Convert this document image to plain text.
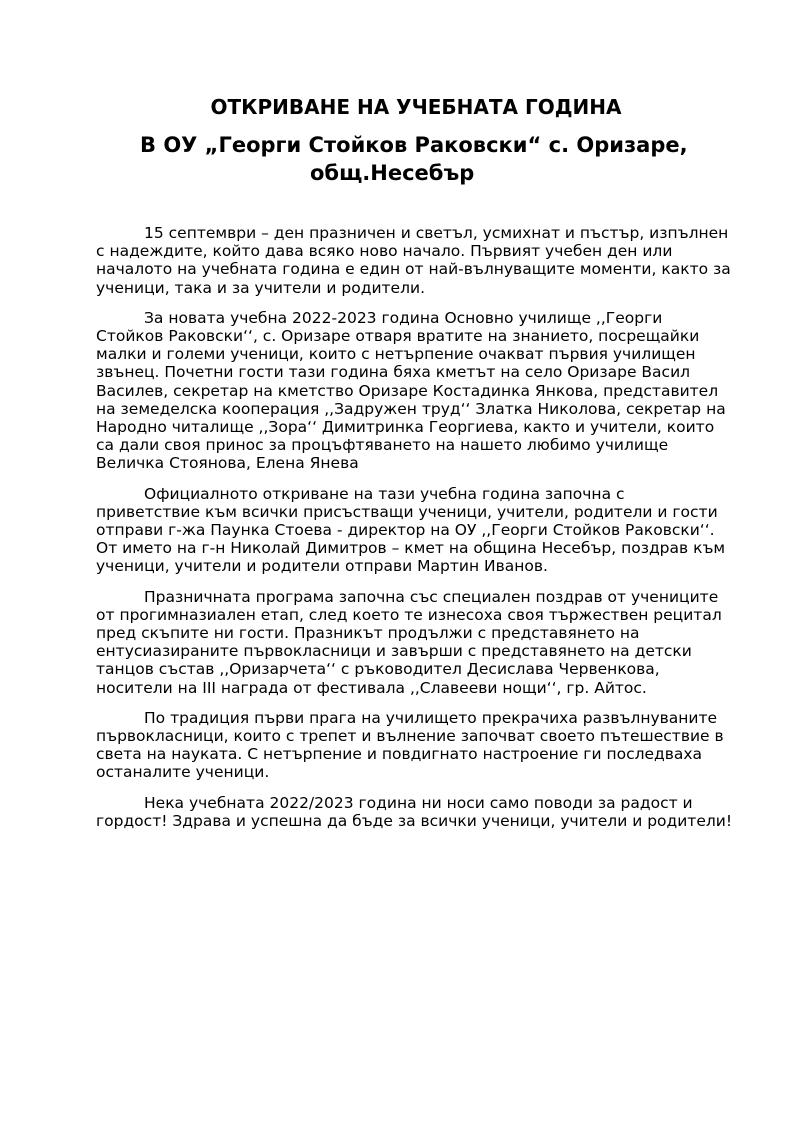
ОТКРИВАНЕ НА УЧЕБНАТА ГОДИНА
В ОУ „Георги Стойков Раковски“ с. Оризаре,
общ.Несебър

15 септември – ден празничен и светъл, усмихнат и пъстър, изпълнен
с надеждите, който дава всяко ново начало. Първият учебен ден или
началото на учебната година е един от най-вълнуващите моменти, както за
ученици, така и за учители и родители.

За новата учебна 2022-2023 година Основно училище ,,Георги
Стойков Раковски‘‘, с. Оризаре отваря вратите на знанието, посрещайки
малки и големи ученици, които с нетърпение очакват първия училищен
звънец. Почетни гости тази година бяха кметът на село Оризаре Васил
Василев, секретар на кметство Оризаре Костадинка Янкова, представител
на земеделска кооперация ,,Задружен труд‘‘ Златка Николова, секретар на
Народно читалище ,,Зора‘‘ Димитринка Георгиева, както и учители, които
са дали своя принос за процъфтяването на нашето любимо училище
Величка Стоянова, Елена Янева

Официалното откриване на тази учебна година започна с
приветствие към всички присъстващи ученици, учители, родители и гости
отправи г-жа Паунка Стоева - директор на ОУ ,,Георги Стойков Раковски‘‘.
От името на г-н Николай Димитров – кмет на община Несебър, поздрав към
ученици, учители и родители отправи Мартин Иванов.

Празничната програма започна със специален поздрав от учениците
от прогимназиален етап, след което те изнесоха своя тържествен рецитал
пред скъпите ни гости. Празникът продължи с представянето на
ентусиазираните първокласници и завърши с представянето на детски
танцов състав ,,Оризарчета‘‘ с ръководител Десислава Червенкова,
носители на III награда от фестивала ,,Славееви нощи‘‘, гр. Айтос.

По традиция първи прага на училището прекрачиха развълнуваните
първокласници, които с трепет и вълнение започват своето пътешествие в
света на науката. С нетърпение и повдигнато настроение ги последваха
останалите ученици.

Нека учебната 2022/2023 година ни носи само поводи за радост и
гордост! Здрава и успешна да бъде за всички ученици, учители и родители!
